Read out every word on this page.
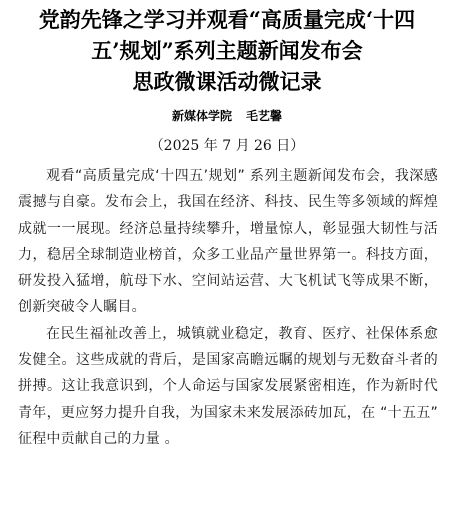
党韵先锋之学习并观看“高质量完成‘十四

五’规划”系列主题新闻发布会

思政微课活动微记录

新媒体学院 毛艺馨
（2025 年 7 月 26 日）

观看“高质量完成‘十四五’规划” 系列主题新闻发布会，我深感震撼与自豪。发布会上，我国在经济、科技、民生等多领域的辉煌成就一一展现。经济总量持续攀升，增量惊人，彰显强大韧性与活力，稳居全球制造业榜首，众多工业品产量世界第一。科技方面，研发投入猛增，航母下水、空间站运营、大飞机试飞等成果不断，创新突破令人瞩目。

在民生福祉改善上，城镇就业稳定，教育、医疗、社保体系愈发健全。这些成就的背后，是国家高瞻远瞩的规划与无数奋斗者的拼搏。这让我意识到，个人命运与国家发展紧密相连，作为新时代青年，更应努力提升自我，为国家未来发展添砖加瓦，在 “十五五” 征程中贡献自己的力量 。
